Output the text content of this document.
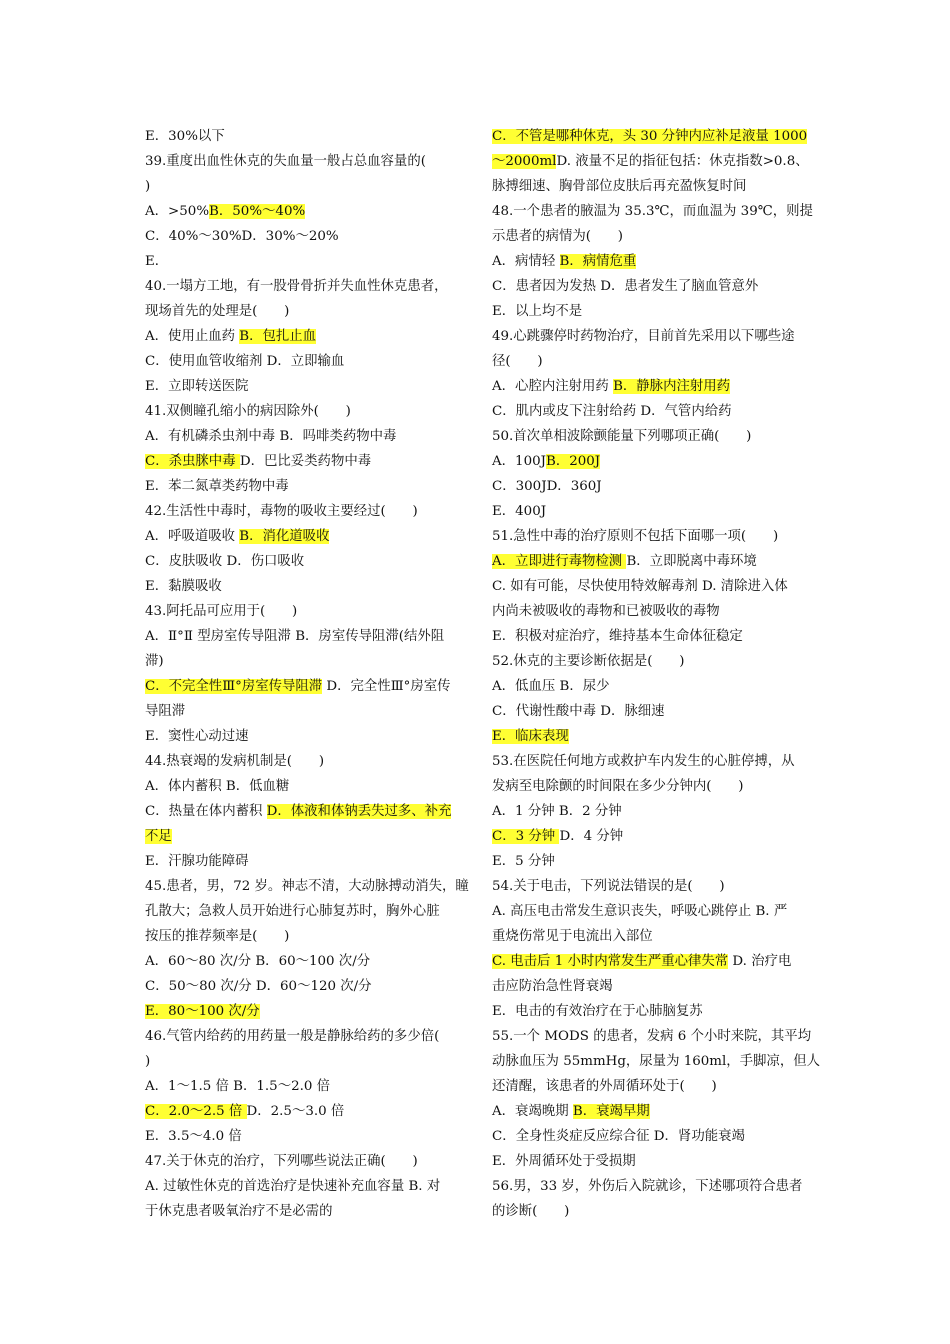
E．30%以下
39.重度出血性休克的失血量一般占总血容量的(
)
A．>50%B．50%～40%
C．40%～30%D．30%～20%
E．
40.一塌方工地，有一股骨骨折并失血性休克患者，
现场首先的处理是(　　)
A．使用止血药 B．包扎止血
C．使用血管收缩剂 D．立即输血
E．立即转送医院
41.双侧瞳孔缩小的病因除外(　　)
A．有机磷杀虫剂中毒 B．吗啡类药物中毒
C．杀虫脒中毒 D．巴比妥类药物中毒
E．苯二氮䓬类药物中毒
42.生活性中毒时，毒物的吸收主要经过(　　)
A．呼吸道吸收 B．消化道吸收
C．皮肤吸收 D．伤口吸收
E．黏膜吸收
43.阿托品可应用于(　　)
A．Ⅱ°Ⅱ 型房室传导阻滞 B．房室传导阻滞(结外阻
滞)
C．不完全性Ⅲ°房室传导阻滞 D．完全性Ⅲ°房室传
导阻滞
E．窦性心动过速
44.热衰竭的发病机制是(　　)
A．体内蓄积 B．低血糖
C．热量在体内蓄积 D．体液和体钠丢失过多、补充
不足
E．汗腺功能障碍
45.患者，男，72 岁。神志不清，大动脉搏动消失，瞳
孔散大；急救人员开始进行心肺复苏时，胸外心脏
按压的推荐频率是(　　)
A．60～80 次/分 B．60～100 次/分
C．50～80 次/分 D．60～120 次/分
E．80～100 次/分
46.气管内给药的用药量一般是静脉给药的多少倍(
)
A．1～1.5 倍 B．1.5～2.0 倍
C．2.0～2.5 倍 D．2.5～3.0 倍
E．3.5～4.0 倍
47.关于休克的治疗，下列哪些说法正确(　　)
A. 过敏性休克的首选治疗是快速补充血容量 B. 对
于休克患者吸氧治疗不是必需的
C．不管是哪种休克，头 30 分钟内应补足液量 1000
～2000mlD. 液量不足的指征包括：休克指数>0.8、
脉搏细速、胸骨部位皮肤后再充盈恢复时间
48.一个患者的腋温为 35.3℃，而血温为 39℃，则提
示患者的病情为(　　)
A．病情轻 B．病情危重
C．患者因为发热 D．患者发生了脑血管意外
E．以上均不是
49.心跳骤停时药物治疗，目前首先采用以下哪些途
径(　　)
A．心腔内注射用药 B．静脉内注射用药
C．肌内或皮下注射给药 D．气管内给药
50.首次单相波除颤能量下列哪项正确(　　)
A．100JB．200J
C．300JD．360J
E．400J
51.急性中毒的治疗原则不包括下面哪一项(　　)
A．立即进行毒物检测 B．立即脱离中毒环境
C. 如有可能，尽快使用特效解毒剂 D. 清除进入体
内尚未被吸收的毒物和已被吸收的毒物
E．积极对症治疗，维持基本生命体征稳定
52.休克的主要诊断依据是(　　)
A．低血压 B．尿少
C．代谢性酸中毒 D．脉细速
E．临床表现
53.在医院任何地方或救护车内发生的心脏停搏，从
发病至电除颤的时间限在多少分钟内(　　)
A．1 分钟 B．2 分钟
C．3 分钟 D．4 分钟
E．5 分钟
54.关于电击，下列说法错误的是(　　)
A. 高压电击常发生意识丧失，呼吸心跳停止 B. 严
重烧伤常见于电流出入部位
C. 电击后 1 小时内常发生严重心律失常 D. 治疗电
击应防治急性肾衰竭
E．电击的有效治疗在于心肺脑复苏
55.一个 MODS 的患者，发病 6 个小时来院，其平均
动脉血压为 55mmHg，尿量为 160ml，手脚凉，但人
还清醒，该患者的外周循环处于(　　)
A．衰竭晚期 B．衰竭早期
C．全身性炎症反应综合征 D．肾功能衰竭
E．外周循环处于受损期
56.男，33 岁，外伤后入院就诊，下述哪项符合患者
的诊断(　　)
